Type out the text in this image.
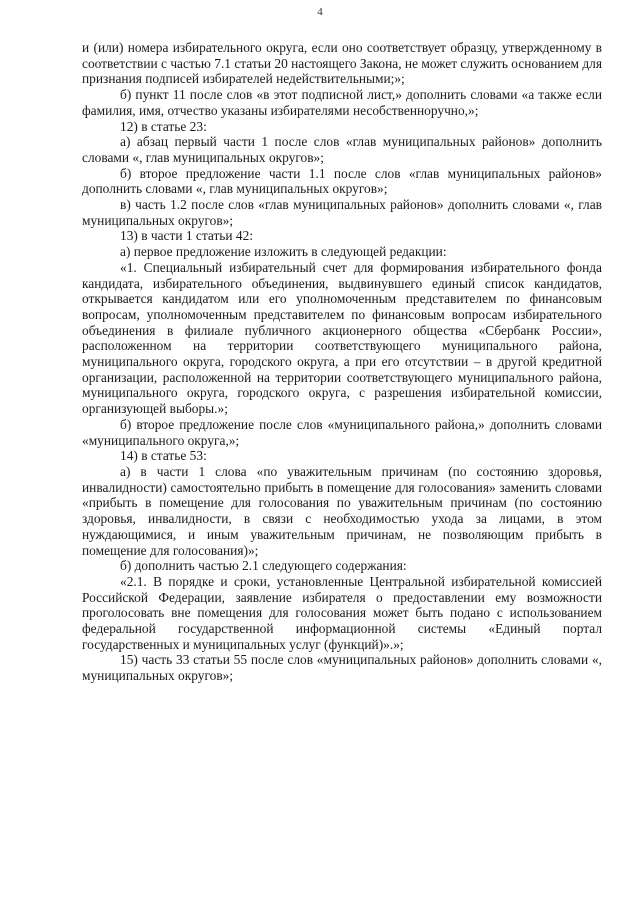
4

и (или) номера избирательного округа, если оно соответствует образцу, утвержденному в соответствии с частью 7.1 статьи 20 настоящего Закона, не может служить основанием для признания подписей избирателей недействительными;»;

б) пункт 11 после слов «в этот подписной лист,» дополнить словами «а также если фамилия, имя, отчество указаны избирателями несобственноручно,»;

12) в статье 23:

а) абзац первый части 1 после слов «глав муниципальных районов» дополнить словами «, глав муниципальных округов»;

б) второе предложение части 1.1 после слов «глав муниципальных районов» дополнить словами «, глав муниципальных округов»;

в) часть 1.2 после слов «глав муниципальных районов» дополнить словами «, глав муниципальных округов»;

13) в части 1 статьи 42:

а) первое предложение изложить в следующей редакции:

«1. Специальный избирательный счет для формирования избирательного фонда кандидата, избирательного объединения, выдвинувшего единый список кандидатов, открывается кандидатом или его уполномоченным представителем по финансовым вопросам, уполномоченным представителем по финансовым вопросам избирательного объединения в филиале публичного акционерного общества «Сбербанк России», расположенном на территории соответствующего муниципального района, муниципального округа, городского округа, а при его отсутствии – в другой кредитной организации, расположенной на территории соответствующего муниципального района, муниципального округа, городского округа, с разрешения избирательной комиссии, организующей выборы.»;

б) второе предложение после слов «муниципального района,» дополнить словами «муниципального округа,»;

14) в статье 53:

а) в части 1 слова «по уважительным причинам (по состоянию здоровья, инвалидности) самостоятельно прибыть в помещение для голосования» заменить словами «прибыть в помещение для голосования по уважительным причинам (по состоянию здоровья, инвалидности, в связи с необходимостью ухода за лицами, в этом нуждающимися, и иным уважительным причинам, не позволяющим прибыть в помещение для голосования)»;

б) дополнить частью 2.1 следующего содержания:

«2.1. В порядке и сроки, установленные Центральной избирательной комиссией Российской Федерации, заявление избирателя о предоставлении ему возможности проголосовать вне помещения для голосования может быть подано с использованием федеральной государственной информационной системы «Единый портал государственных и муниципальных услуг (функций)».»;

15) часть 33 статьи 55 после слов «муниципальных районов» дополнить словами «, муниципальных округов»;
